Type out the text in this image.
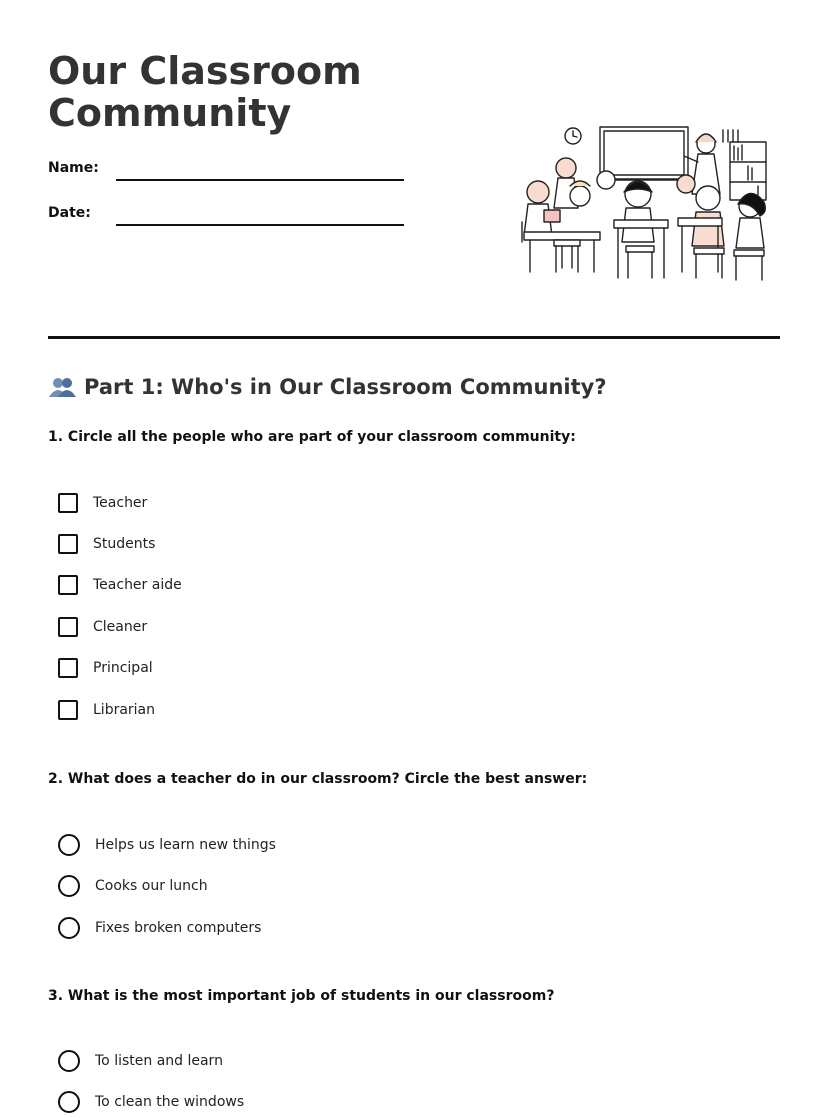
Our Classroom
Community
Name:
Date:
Part 1: Who's in Our Classroom Community?
1. Circle all the people who are part of your classroom community:
Teacher
Students
Teacher aide
Cleaner
Principal
Librarian
2. What does a teacher do in our classroom? Circle the best answer:
Helps us learn new things
Cooks our lunch
Fixes broken computers
3. What is the most important job of students in our classroom?
To listen and learn
To clean the windows
